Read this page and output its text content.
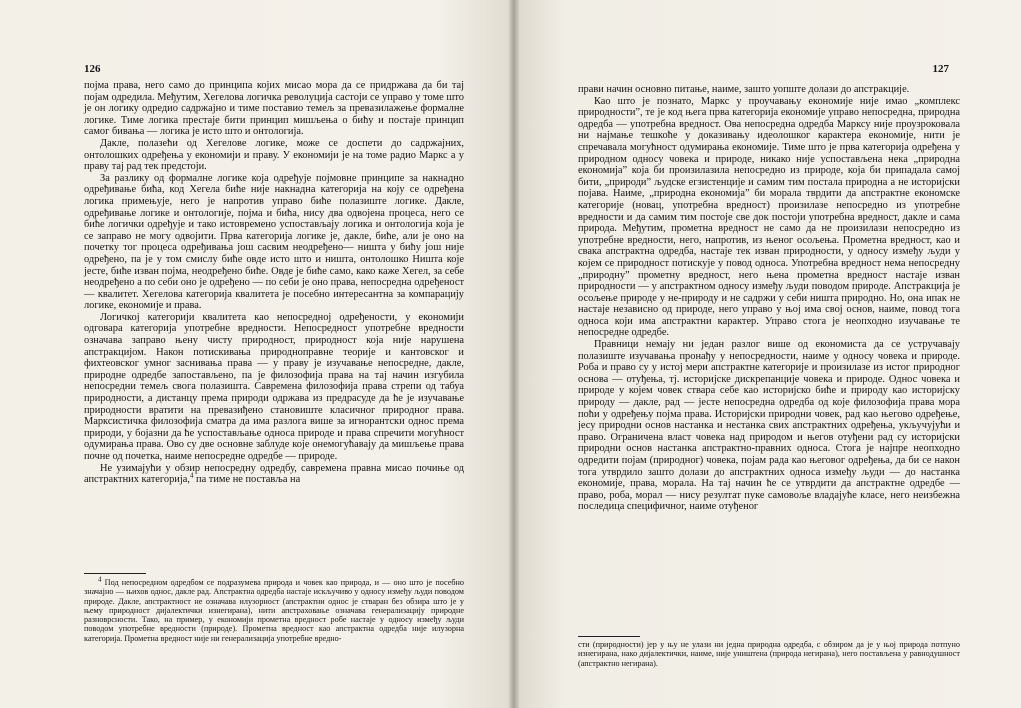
126

појма права, него само до принципа којих мисао мора да се придржава да би тај појам одредила. Међутим, Хегелова логичка револуција састоји се управо у томе што је он логику одредио садржајно и тиме поставио темељ за превазилажење формалне логике. Тиме логика престаје бити принцип мишљења о бићу и постаје принцип самог бивања — логика је исто што и онтологија.

Дакле, полазећи од Хегелове логике, може се доспети до садржајних, онтолошких одређења у економији и праву. У економији је на томе радио Маркс а у праву тај рад тек предстоји.

За разлику од формалне логике која одређује појмовне принципе за накнадно одређивање бића, код Хегела биће није накнадна категорија на коју се одређена логика примењује, него је напротив управо биће полазиште логике. Дакле, одређивање логике и онтологије, појма и бића, нису два одвојена процеса, него се биће логички одређује и тако истовремено успостављају логика и онтологија која је се заправо не могу одвојити. Прва категорија логике је, дакле, биће, али је оно на почетку тог процеса одређивања још сасвим неодређено— ништа у бићу још није одређено, па је у том смислу биће овде исто што и ништа, онтолошко Ништа које јесте, биће изван појма, неодређено биће. Овде је биће само, како каже Хегел, за себе неодређено а по себи оно је одређено — по себи је оно права, непосредна одређеност — квалитет. Хегелова категорија квалитета је посебно интересантна за компарацију логике, економије и права.

Логичкој категорији квалитета као непосредној одређености, у економији одговара категорија употребне вредности. Непосредност употребне вредности означава заправо њену чисту природност, природност која није нарушена апстракцијом. Након потискивања природноправне теорије и кантовског и фихтеовског умног заснивања права — у праву је изучавање непосредне, дакле, природне одредбе запостављено, па је филозофија права на тај начин изгубила непосредни темељ свога полазишта. Савремена филозофија права стрепи од табуа природности, а дистанцу према природи одржава из предрасуде да ће је изучавање природности вратити на превазиђено становиште класичног природног права. Марксистичка филозофија сматра да има разлога више за игнорантски однос према природи, у бојазни да ће успостављање односа природе и права спречити могућност одумирања права. Ово су две основне заблуде које онемогућавају да мишљење права почне од почетка, наиме непосредне одредбе — природе.

Не узимајући у обзир непосредну одредбу, савремена правна мисао почиње од апстрактних категорија,$^4$ па тиме не поставља на

$^4$ Под непосредном одредбом се подразумева природа и човек као природа, и — оно што је посебно значајно — њихов однос, дакле рад. Апстрактна одредба настаје искључиво у односу између људи поводом природе. Дакле, апстрактност не означава илузорност (апстрактни однос је стваран без обзира што је у њему природност дијалектички изнегирана), нити апстраховање означава генерализацију природне разноврсности. Тако, на пример, у економији прометна вредност робе настаје у односу између људи поводом употребне вредности (природе). Прометна вредност као апстрактна одредба није илузорна категорија. Прометна вредност није ни генерализација употребне вредно-

127

прави начин основно питање, наиме, зашто уопште долази до апстракције.

Као што је познато, Маркс у проучавању економије није имао „комплекс природности”, те је код њега прва категорија економије управо непосредна, природна одредба — употребна вредност. Ова непосредна одредба Марксу није проузроковала ни најмање тешкоће у доказивању идеолошког карактера економије, нити је спречавала могућност одумирања економије. Тиме што је прва категорија одређена у природном односу човека и природе, никако није успостављена нека „природна економија” која би произилазила непосредно из природе, која би припадала самој бити, „природи” људске егзистенције и самим тим постала природна а не историјски појава. Наиме, „природна економија” би морала тврдити да апстрактне економске категорије (новац, употребна вредност) произилазе непосредно из употребне вредности и да самим тим постоје све док постоји употребна вредност, дакле и сама природа. Међутим, прометна вредност не само да не произилази непосредно из употребне вредности, него, напротив, из њеног осољења. Прометна вредност, као и свака апстрактна одредба, настаје тек изван природности, у односу између људи у којем се природност потискује у повод односа. Употребна вредност нема непосредну „природну” прометну вредност, него њена прометна вредност настаје изван природности — у апстрактном односу између људи поводом природе. Апстракција је осољење природе у не-природу и не садржи у себи ништа природно. Но, она ипак не настаје независно од природе, него управо у њој има свој основ, наиме, повод тога односа који има апстрактни карактер. Управо стога је неопходно изучавање те непосредне одредбе.

Правници немају ни један разлог више од економиста да се устручавају полазиште изучавања пронађу у непосредности, наиме у односу човека и природе. Роба и право су у истој мери апстрактне категорије и произилазе из истог природног основа — отуђења, тј. историјске дискрепанције човека и природе. Однос човека и природе у којем човек ствара себе као историјско биће и природу као историјску природу — дакле, рад — јесте непосредна одредба од које филозофија права мора поћи у одређењу појма права. Историјски природни човек, рад као његово одређење, јесу природни основ настанка и нестанка свих апстрактних одређења, укључујући и право. Ограничена власт човека над природом и његов отуђени рад су историјски природни основ настанка апстрактно-правних односа. Стога је најпре неопходно одредити појам (природног) човека, појам рада као његовог одређења, да би се након тога утврдило зашто долази до апстрактних односа између људи — до настанка економије, права, морала. На тај начин ће се утврдити да апстрактне одредбе — право, роба, морал — нису резултат пуке самовоље владајуће класе, него неизбежна последица специфичног, наиме отуђеног

сти (природности) јер у њу не улази ни једна природна одредба, с обзиром да је у њој природа потпуно изнегирана, нако дијалектички, наиме, није уништена (природа негирана), него постављена у равнодушност (апстрактно негирана).
